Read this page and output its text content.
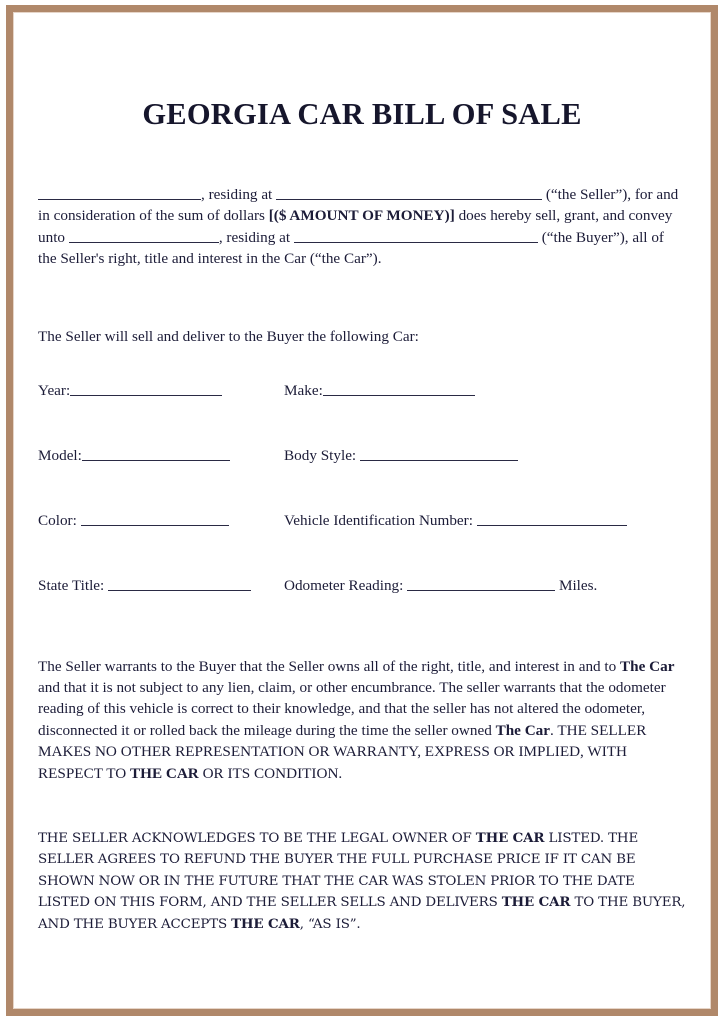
GEORGIA CAR BILL OF SALE

, residing at	(“the Seller”), for and in consideration of the sum of dollars [($ AMOUNT OF MONEY)] does hereby sell, grant, and convey unto	, residing at	(“the Buyer”), all of the Seller's right, title and interest in the Car (“the Car”).

The Seller will sell and deliver to the Buyer the following Car:

Year:	Make:
Model:	Body Style:
Color:	Vehicle Identification Number:
State Title:	Odometer Reading: Miles.

The Seller warrants to the Buyer that the Seller owns all of the right, title, and interest in and to The Car and that it is not subject to any lien, claim, or other encumbrance. The seller warrants that the odometer reading of this vehicle is correct to their knowledge, and that the seller has not altered the odometer, disconnected it or rolled back the mileage during the time the seller owned The Car. THE SELLER MAKES NO OTHER REPRESENTATION OR WARRANTY, EXPRESS OR IMPLIED, WITH RESPECT TO THE CAR OR ITS CONDITION.

THE SELLER ACKNOWLEDGES TO BE THE LEGAL OWNER OF THE CAR LISTED. THE SELLER AGREES TO REFUND THE BUYER THE FULL PURCHASE PRICE IF IT CAN BE SHOWN NOW OR IN THE FUTURE THAT THE CAR WAS STOLEN PRIOR TO THE DATE LISTED ON THIS FORM, AND THE SELLER SELLS AND DELIVERS THE CAR TO THE BUYER, AND THE BUYER ACCEPTS THE CAR, “AS IS”.
